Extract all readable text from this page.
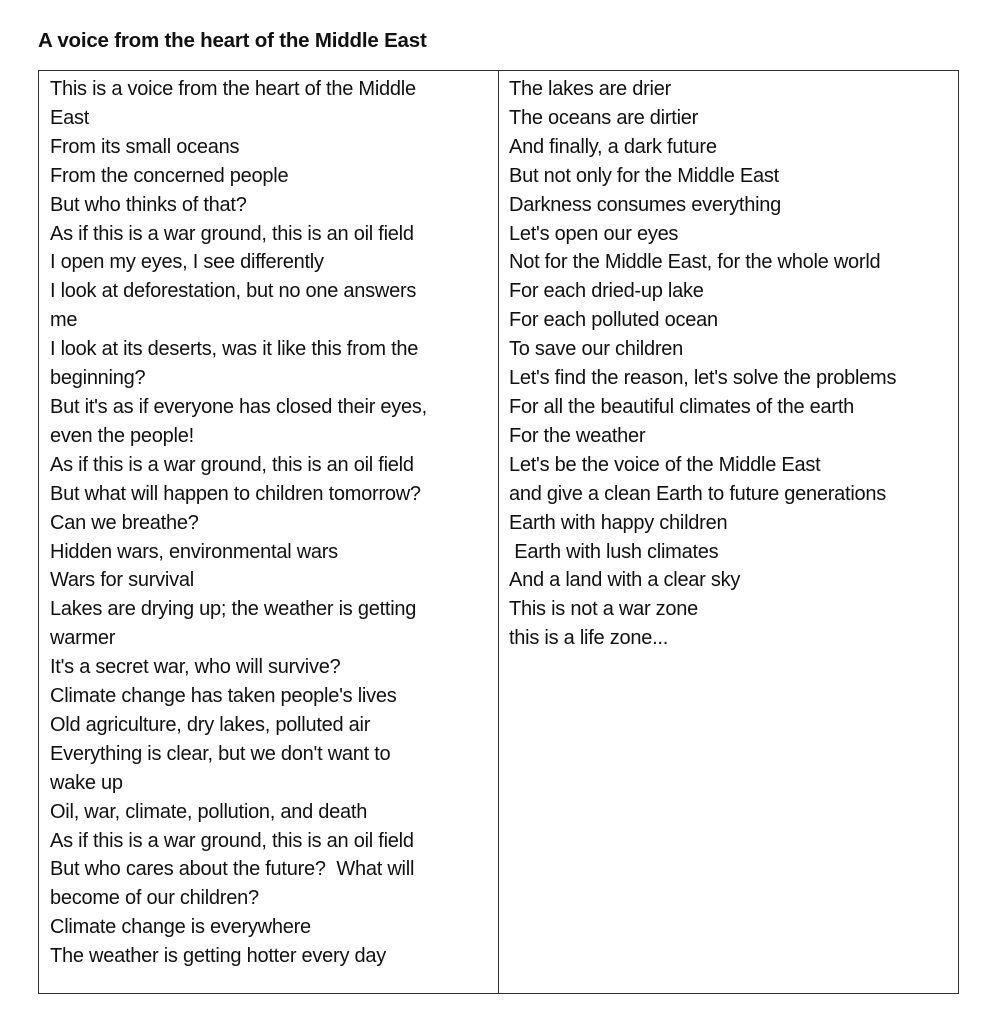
A voice from the heart of the Middle East
This is a voice from the heart of the Middle
East
From its small oceans
From the concerned people
But who thinks of that?
As if this is a war ground, this is an oil field
I open my eyes, I see differently
I look at deforestation, but no one answers
me
I look at its deserts, was it like this from the
beginning?
But it's as if everyone has closed their eyes,
even the people!
As if this is a war ground, this is an oil field
But what will happen to children tomorrow?
Can we breathe?
Hidden wars, environmental wars
Wars for survival
Lakes are drying up; the weather is getting
warmer
It's a secret war, who will survive?
Climate change has taken people's lives
Old agriculture, dry lakes, polluted air
Everything is clear, but we don't want to
wake up
Oil, war, climate, pollution, and death
As if this is a war ground, this is an oil field
But who cares about the future?  What will
become of our children?
Climate change is everywhere
The weather is getting hotter every day
The lakes are drier
The oceans are dirtier
And finally, a dark future
But not only for the Middle East
Darkness consumes everything
Let's open our eyes
Not for the Middle East, for the whole world
For each dried-up lake
For each polluted ocean
To save our children
Let's find the reason, let's solve the problems
For all the beautiful climates of the earth
For the weather
Let's be the voice of the Middle East
and give a clean Earth to future generations
Earth with happy children
Earth with lush climates
And a land with a clear sky
This is not a war zone
this is a life zone...
